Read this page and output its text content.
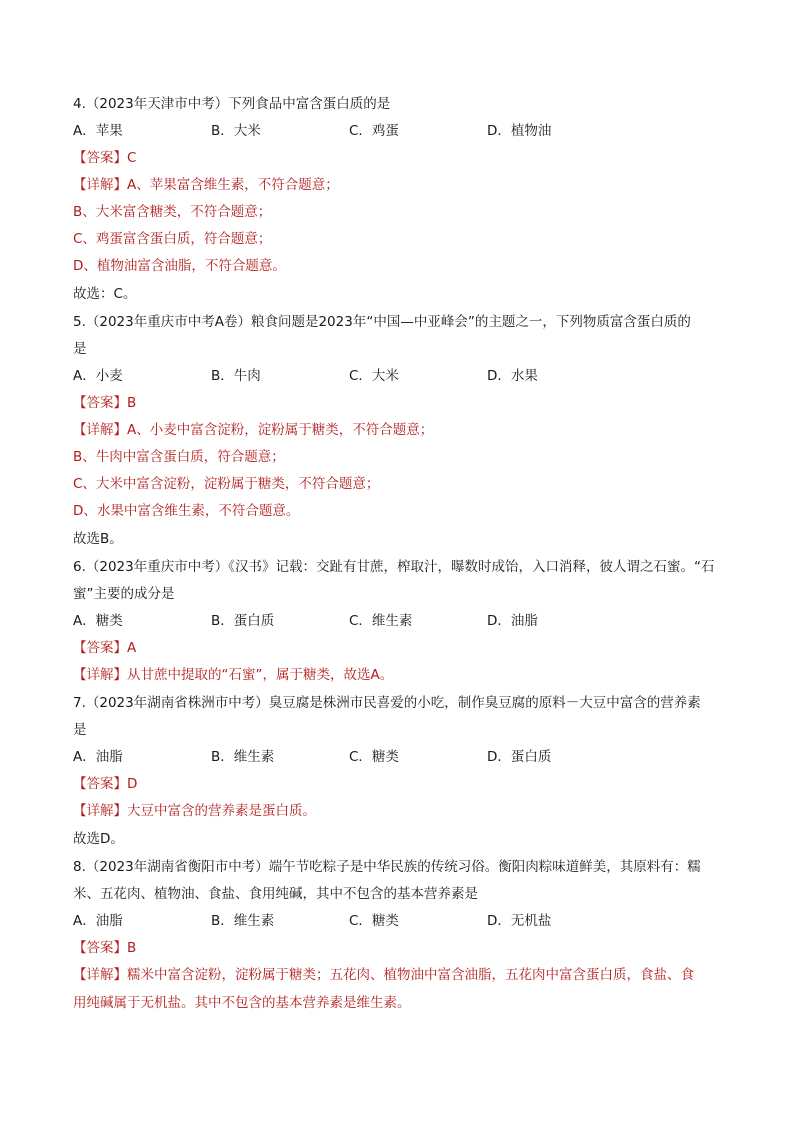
4.（2023年天津市中考）下列食品中富含蛋白质的是
A．苹果	B．大米	C．鸡蛋	D．植物油
【答案】C
【详解】A、苹果富含维生素，不符合题意；
B、大米富含糖类，不符合题意；
C、鸡蛋富含蛋白质，符合题意；
D、植物油富含油脂，不符合题意。
故选：C。
5.（2023年重庆市中考A卷）粮食问题是2023年“中国—中亚峰会”的主题之一，下列物质富含蛋白质的
是
A．小麦	B．牛肉	C．大米	D．水果
【答案】B
【详解】A、小麦中富含淀粉，淀粉属于糖类，不符合题意；
B、牛肉中富含蛋白质，符合题意；
C、大米中富含淀粉，淀粉属于糖类，不符合题意；
D、水果中富含维生素，不符合题意。
故选B。
6.（2023年重庆市中考）《汉书》记载：交趾有甘蔗，榨取汁，曝数时成饴，入口消释，彼人谓之石蜜。“石
蜜”主要的成分是
A．糖类	B．蛋白质	C．维生素	D．油脂
【答案】A
【详解】从甘蔗中提取的“石蜜”，属于糖类，故选A。
7.（2023年湖南省株洲市中考）臭豆腐是株洲市民喜爱的小吃，制作臭豆腐的原料－大豆中富含的营养素
是
A．油脂	B．维生素	C．糖类	D．蛋白质
【答案】D
【详解】大豆中富含的营养素是蛋白质。
故选D。
8.（2023年湖南省衡阳市中考）端午节吃粽子是中华民族的传统习俗。衡阳肉粽味道鲜美，其原料有：糯
米、五花肉、植物油、食盐、食用纯碱，其中不包含的基本营养素是
A．油脂	B．维生素	C．糖类	D．无机盐
【答案】B
【详解】糯米中富含淀粉，淀粉属于糖类；五花肉、植物油中富含油脂，五花肉中富含蛋白质，食盐、食
用纯碱属于无机盐。其中不包含的基本营养素是维生素。
